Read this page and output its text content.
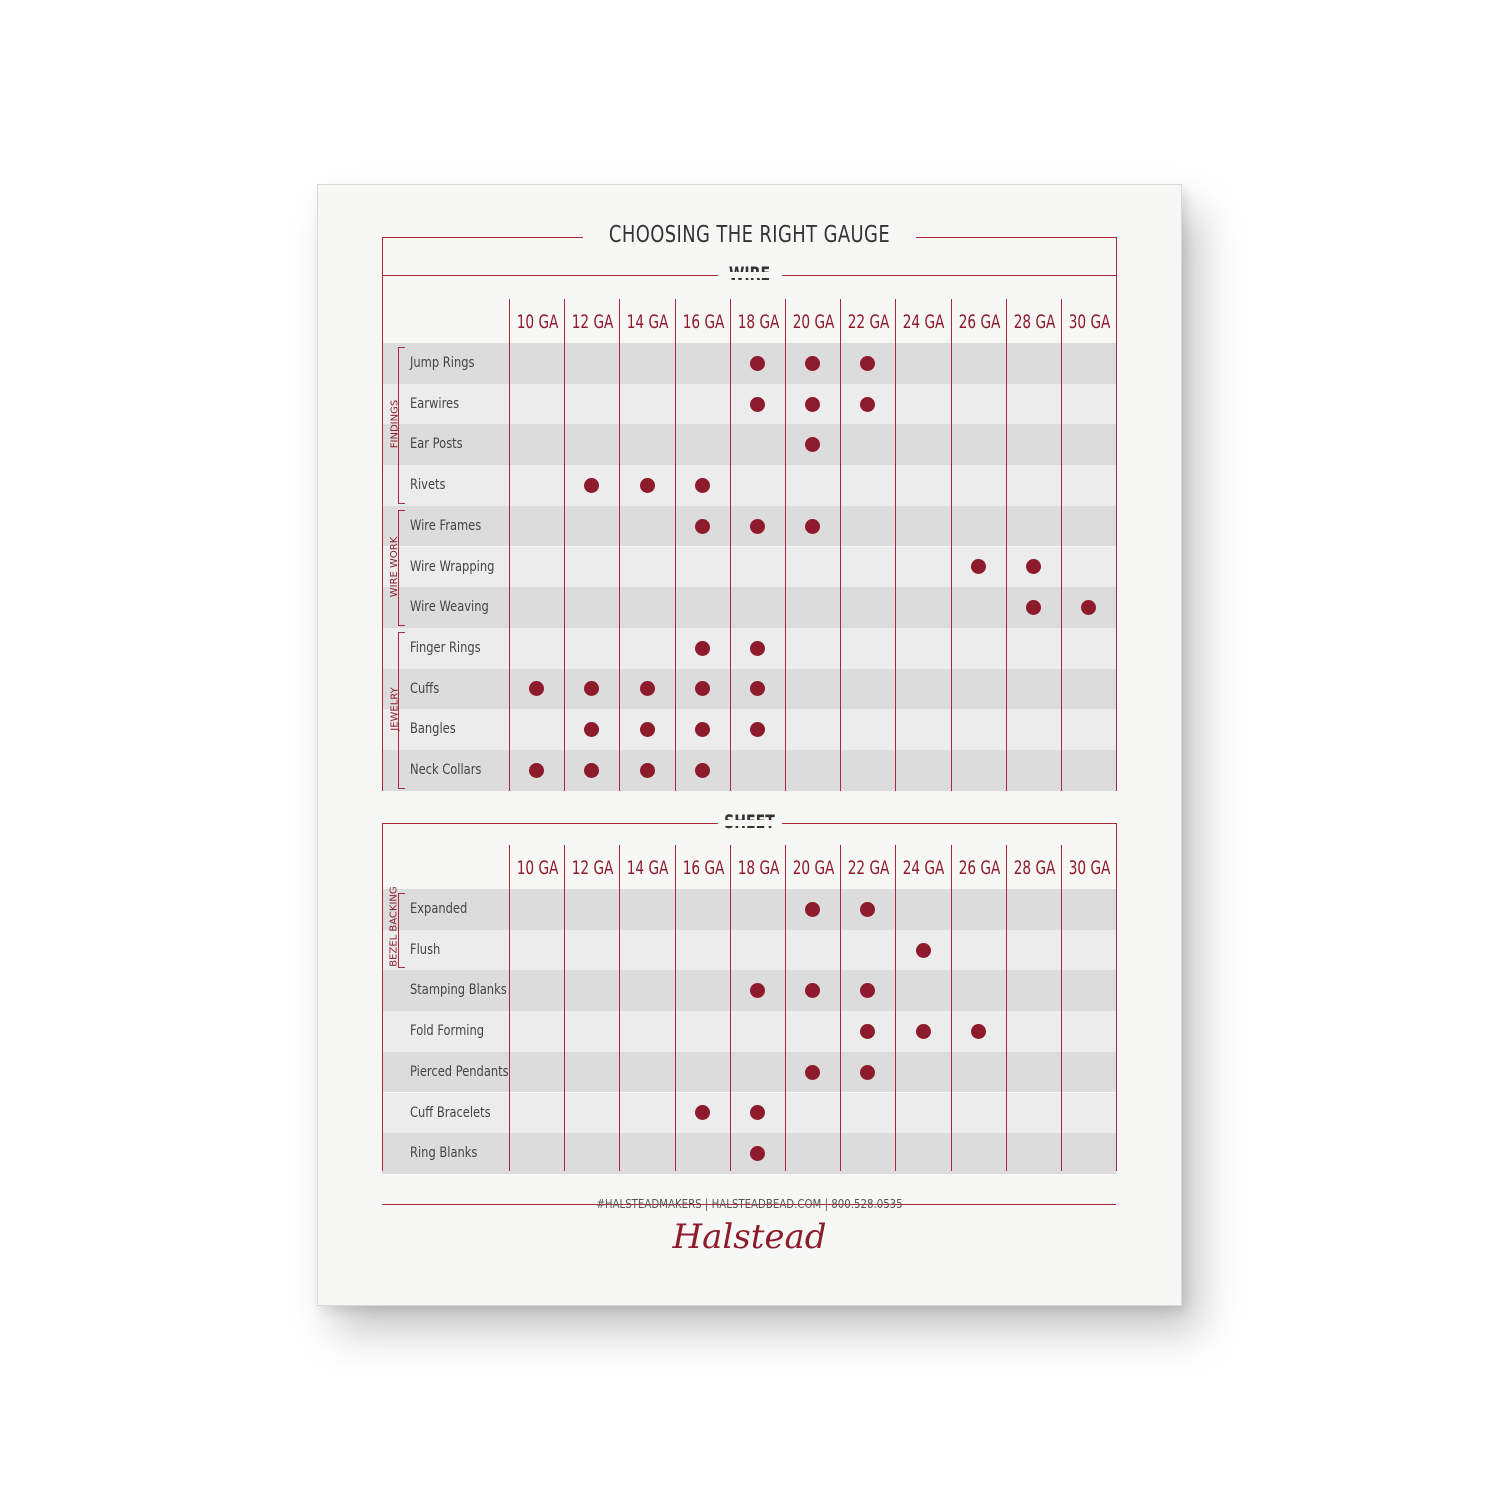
10 GA 12 GA 14 GA 16 GA 18 GA 20 GA 22 GA 24 GA 26 GA 28 GA 30 GA
Jump Rings
Earwires
Ear Posts
Rivets
Wire Frames
Wire Wrapping
Wire Weaving
Finger Rings
Cuffs
Bangles
Neck Collars
FINDINGS
WIRE WORK
JEWELRY
10 GA 12 GA 14 GA 16 GA 18 GA 20 GA 22 GA 24 GA 26 GA 28 GA 30 GA
Expanded
Flush
Stamping Blanks
Fold Forming
Pierced Pendants
Cuff Bracelets
Ring Blanks
BEZEL BACKING
#HALSTEADMAKERS | HALSTEADBEAD.COM | 800.528.0535
Halstead
CHOOSING THE RIGHT GAUGE
